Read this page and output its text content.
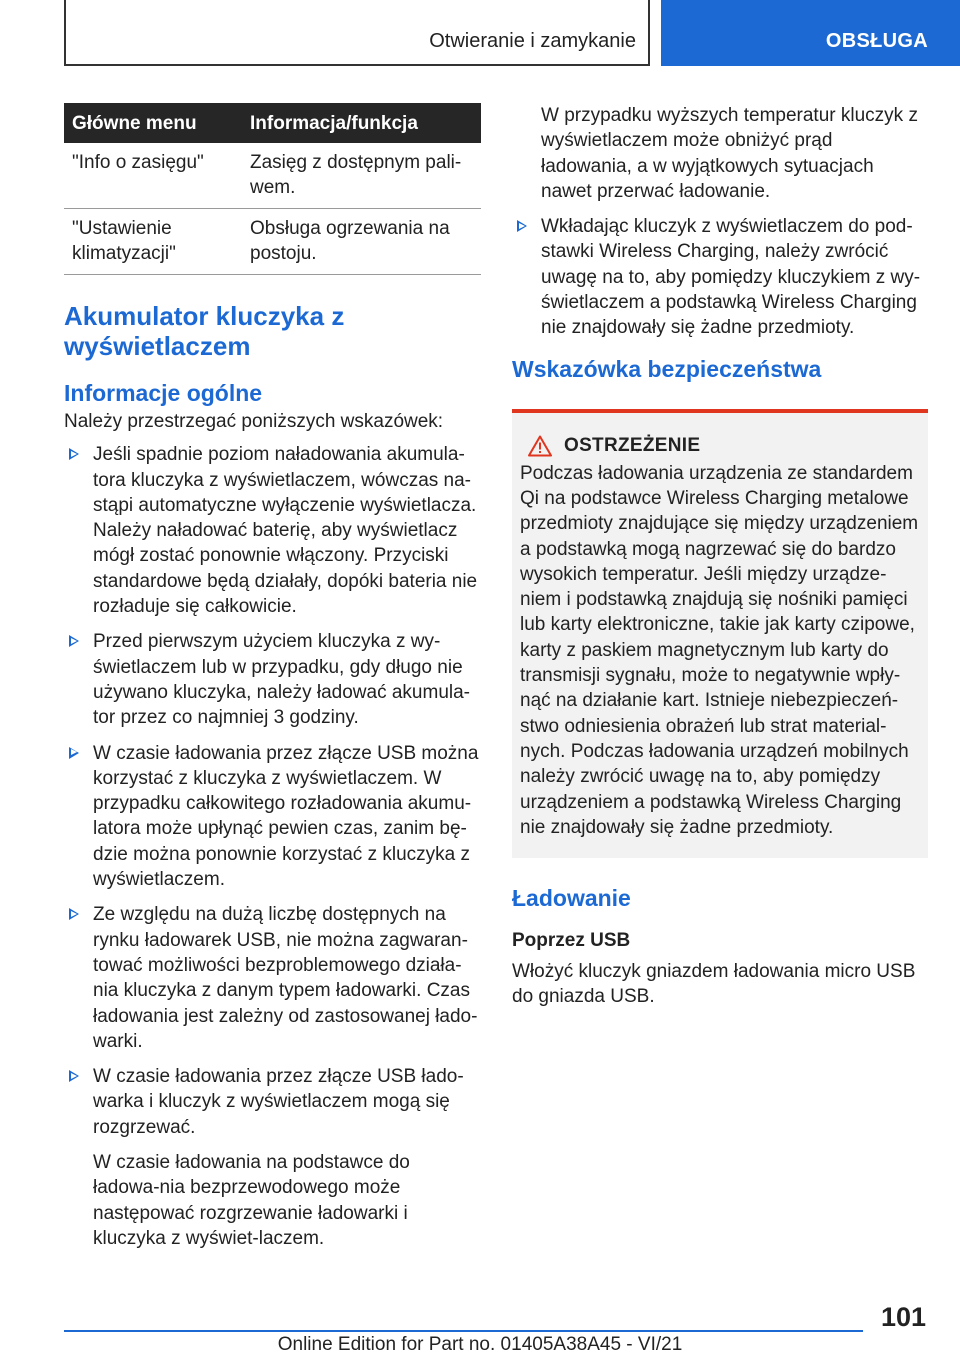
Otwieranie i zamykanie	OBSŁUGA
Główne menu	Informacja/funkcja
"Info o zasięgu"	Zasięg z dostępnym pali‐wem.
"Ustawienie klimatyzacji"	Obsługa ogrzewania na postoju.
Akumulator kluczyka z wyświetlaczem
Informacje ogólne

Należy przestrzegać poniższych wskazówek:

Jeśli spadnie poziom naładowania akumula‐tora kluczyka z wyświetlaczem, wówczas na‐stąpi automatyczne wyłączenie wyświetlacza. Należy naładować baterię, aby wyświetlacz mógł zostać ponownie włączony. Przyciski standardowe będą działały, dopóki bateria nie rozładuje się całkowicie.
Przed pierwszym użyciem kluczyka z wy‐świetlaczem lub w przypadku, gdy długo nie używano kluczyka, należy ładować akumula‐tor przez co najmniej 3 godziny.
W czasie ładowania przez złącze USB można korzystać z kluczyka z wyświetlaczem. W przypadku całkowitego rozładowania akumu‐latora może upłynąć pewien czas, zanim bę‐dzie można ponownie korzystać z kluczyka z wyświetlaczem.
Ze względu na dużą liczbę dostępnych na rynku ładowarek USB, nie można zagwaran‐tować możliwości bezproblemowego działa‐nia kluczyka z danym typem ładowarki. Czas ładowania jest zależny od zastosowanej łado‐warki.
W czasie ładowania przez złącze USB łado‐warka i kluczyk z wyświetlaczem mogą się rozgrzewać.

W czasie ładowania na podstawce do ładowa‐nia bezprzewodowego może następować rozgrzewanie ładowarki i kluczyka z wyświet‐laczem.

W przypadku wyższych temperatur kluczyk z wyświetlaczem może obniżyć prąd ładowania, a w wyjątkowych sytuacjach nawet przerwać ładowanie.

Wkładając kluczyk z wyświetlaczem do pod‐stawki Wireless Charging, należy zwrócić uwagę na to, aby pomiędzy kluczykiem z wy‐świetlaczem a podstawką Wireless Charging nie znajdowały się żadne przedmioty.
Wskazówka bezpieczeństwa
OSTRZEŻENIE

Podczas ładowania urządzenia ze standardem Qi na podstawce Wireless Charging metalowe przedmioty znajdujące się między urządzeniem a podstawką mogą nagrzewać się do bardzo wysokich temperatur. Jeśli między urządze‐niem i podstawką znajdują się nośniki pamięci lub karty elektroniczne, takie jak karty czipowe, karty z paskiem magnetycznym lub karty do transmisji sygnału, może to negatywnie wpły‐nąć na działanie kart. Istnieje niebezpieczeń‐stwo odniesienia obrażeń lub strat material‐nych. Podczas ładowania urządzeń mobilnych należy zwrócić uwagę na to, aby pomiędzy urządzeniem a podstawką Wireless Charging nie znajdowały się żadne przedmioty.

Ładowanie
Poprzez USB

Włożyć kluczyk gniazdem ładowania micro USB do gniazda USB.

101
Online Edition for Part no. 01405A38A45 - VI/21
